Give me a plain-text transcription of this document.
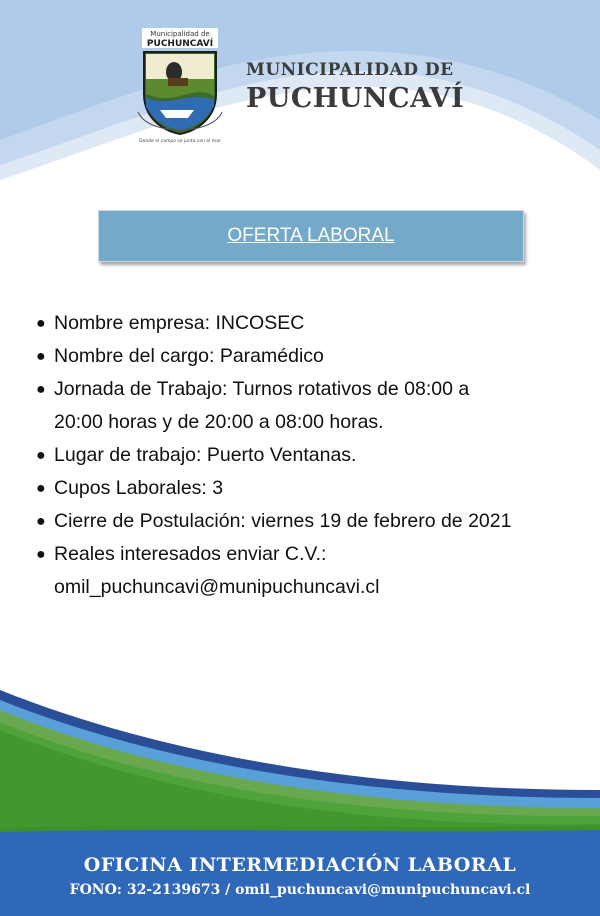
Municipalidad de
PUCHUNCAVÍ
Donde el campo se junta con el mar
MUNICIPALIDAD DE
PUCHUNCAVÍ
OFERTA LABORAL
● Nombre empresa: INCOSEC
● Nombre del cargo: Paramédico
● Jornada de Trabajo: Turnos rotativos de 08:00 a
20:00 horas y de 20:00 a 08:00 horas.
● Lugar de trabajo: Puerto Ventanas.
● Cupos Laborales: 3
● Cierre de Postulación: viernes 19 de febrero de 2021
● Reales interesados enviar C.V.:
omil_puchuncavi@munipuchuncavi.cl
OFICINA INTERMEDIACIÓN LABORAL
FONO: 32-2139673 / omil_puchuncavi@munipuchuncavi.cl
